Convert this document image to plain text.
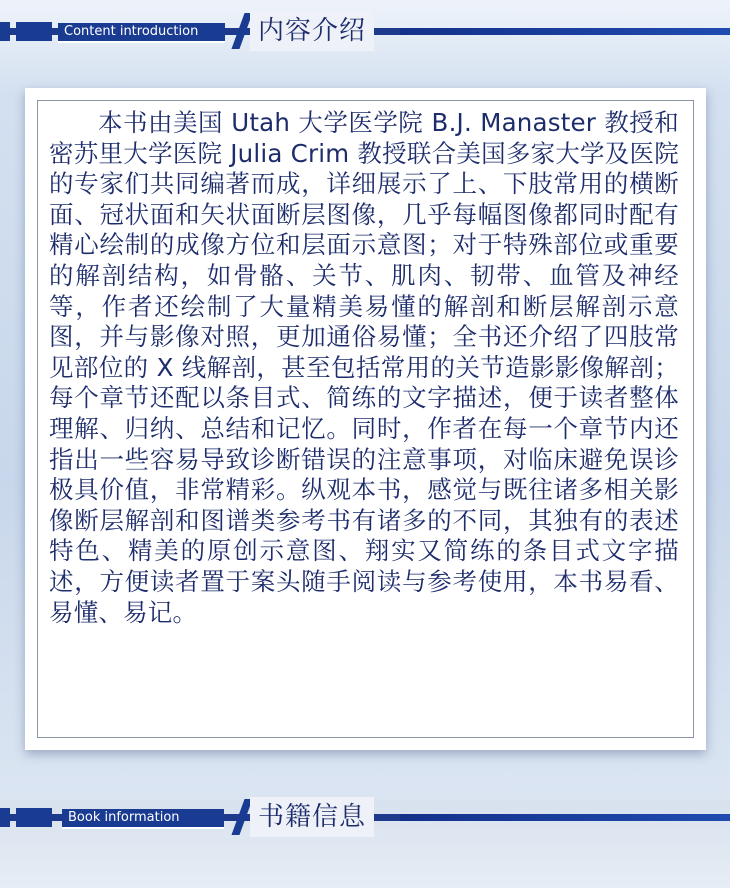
Content introduction	内容介绍

本书由美国 Utah 大学医学院 B.J. Manaster 教授和密苏里大学医院 Julia Crim 教授联合美国多家大学及医院的专家们共同编著而成，详细展示了上、下肢常用的横断面、冠状面和矢状面断层图像，几乎每幅图像都同时配有精心绘制的成像方位和层面示意图；对于特殊部位或重要的解剖结构，如骨骼、关节、肌肉、韧带、血管及神经等，作者还绘制了大量精美易懂的解剖和断层解剖示意图，并与影像对照，更加通俗易懂；全书还介绍了四肢常见部位的 X 线解剖，甚至包括常用的关节造影影像解剖；每个章节还配以条目式、简练的文字描述，便于读者整体理解、归纳、总结和记忆。同时，作者在每一个章节内还指出一些容易导致诊断错误的注意事项，对临床避免误诊极具价值，非常精彩。纵观本书，感觉与既往诸多相关影像断层解剖和图谱类参考书有诸多的不同，其独有的表述特色、精美的原创示意图、翔实又简练的条目式文字描述，方便读者置于案头随手阅读与参考使用，本书易看、易懂、易记。

Book information	书籍信息
